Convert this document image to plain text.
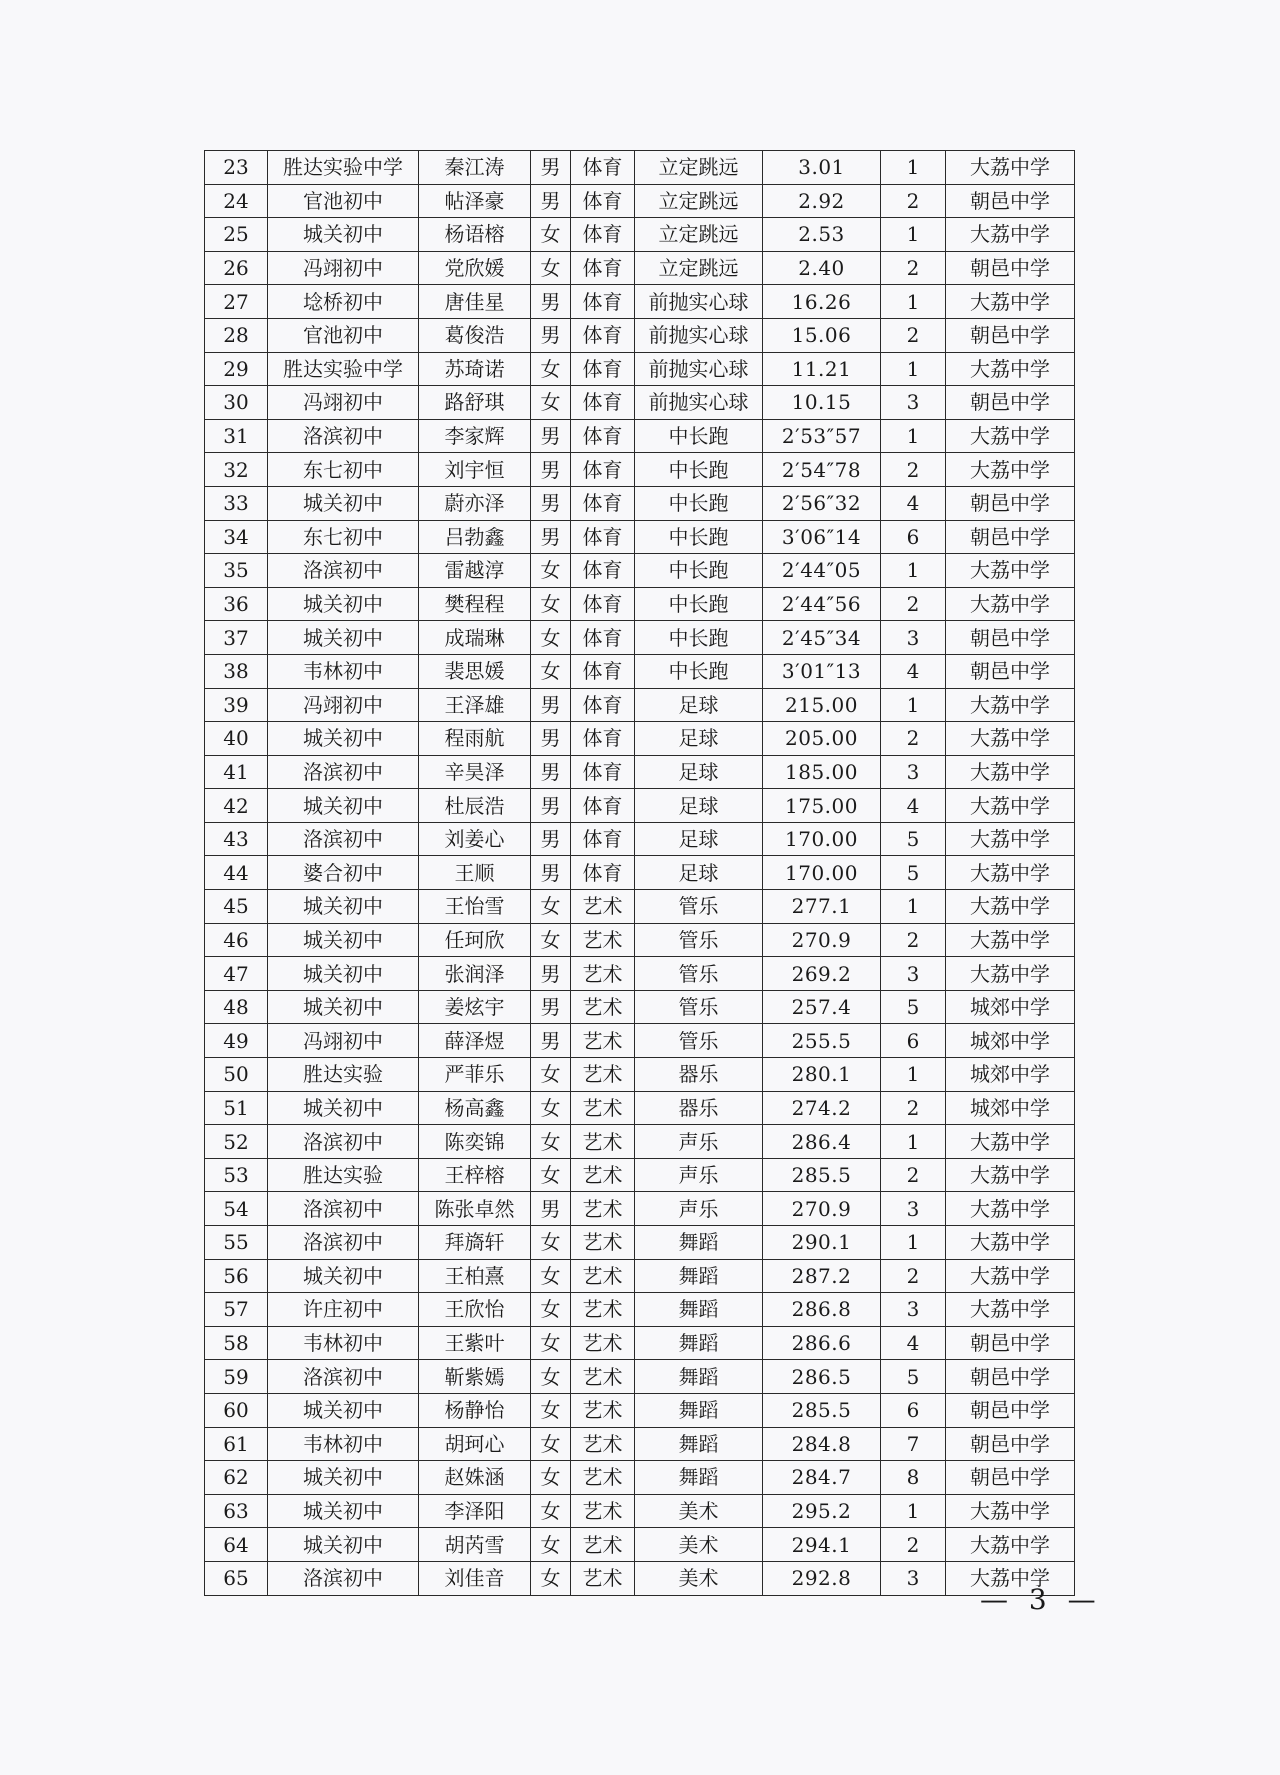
23	胜达实验中学	秦江涛	男	体育	立定跳远	3.01	1	大荔中学
24	官池初中	帖泽豪	男	体育	立定跳远	2.92	2	朝邑中学
25	城关初中	杨语榕	女	体育	立定跳远	2.53	1	大荔中学
26	冯翊初中	党欣媛	女	体育	立定跳远	2.40	2	朝邑中学
27	埝桥初中	唐佳星	男	体育	前抛实心球	16.26	1	大荔中学
28	官池初中	葛俊浩	男	体育	前抛实心球	15.06	2	朝邑中学
29	胜达实验中学	苏琦诺	女	体育	前抛实心球	11.21	1	大荔中学
30	冯翊初中	路舒琪	女	体育	前抛实心球	10.15	3	朝邑中学
31	洛滨初中	李家辉	男	体育	中长跑	2′53″57	1	大荔中学
32	东七初中	刘宇恒	男	体育	中长跑	2′54″78	2	大荔中学
33	城关初中	蔚亦泽	男	体育	中长跑	2′56″32	4	朝邑中学
34	东七初中	吕勃鑫	男	体育	中长跑	3′06″14	6	朝邑中学
35	洛滨初中	雷越淳	女	体育	中长跑	2′44″05	1	大荔中学
36	城关初中	樊程程	女	体育	中长跑	2′44″56	2	大荔中学
37	城关初中	成瑞琳	女	体育	中长跑	2′45″34	3	朝邑中学
38	韦林初中	裴思媛	女	体育	中长跑	3′01″13	4	朝邑中学
39	冯翊初中	王泽雄	男	体育	足球	215.00	1	大荔中学
40	城关初中	程雨航	男	体育	足球	205.00	2	大荔中学
41	洛滨初中	辛昊泽	男	体育	足球	185.00	3	大荔中学
42	城关初中	杜辰浩	男	体育	足球	175.00	4	大荔中学
43	洛滨初中	刘姜心	男	体育	足球	170.00	5	大荔中学
44	婆合初中	王顺	男	体育	足球	170.00	5	大荔中学
45	城关初中	王怡雪	女	艺术	管乐	277.1	1	大荔中学
46	城关初中	任珂欣	女	艺术	管乐	270.9	2	大荔中学
47	城关初中	张润泽	男	艺术	管乐	269.2	3	大荔中学
48	城关初中	姜炫宇	男	艺术	管乐	257.4	5	城郊中学
49	冯翊初中	薛泽煜	男	艺术	管乐	255.5	6	城郊中学
50	胜达实验	严菲乐	女	艺术	器乐	280.1	1	城郊中学
51	城关初中	杨高鑫	女	艺术	器乐	274.2	2	城郊中学
52	洛滨初中	陈奕锦	女	艺术	声乐	286.4	1	大荔中学
53	胜达实验	王梓榕	女	艺术	声乐	285.5	2	大荔中学
54	洛滨初中	陈张卓然	男	艺术	声乐	270.9	3	大荔中学
55	洛滨初中	拜旖轩	女	艺术	舞蹈	290.1	1	大荔中学
56	城关初中	王柏熹	女	艺术	舞蹈	287.2	2	大荔中学
57	许庄初中	王欣怡	女	艺术	舞蹈	286.8	3	大荔中学
58	韦林初中	王紫叶	女	艺术	舞蹈	286.6	4	朝邑中学
59	洛滨初中	靳紫嫣	女	艺术	舞蹈	286.5	5	朝邑中学
60	城关初中	杨静怡	女	艺术	舞蹈	285.5	6	朝邑中学
61	韦林初中	胡珂心	女	艺术	舞蹈	284.8	7	朝邑中学
62	城关初中	赵姝涵	女	艺术	舞蹈	284.7	8	朝邑中学
63	城关初中	李泽阳	女	艺术	美术	295.2	1	大荔中学
64	城关初中	胡芮雪	女	艺术	美术	294.1	2	大荔中学
65	洛滨初中	刘佳音	女	艺术	美术	292.8	3	大荔中学
— 3 —
